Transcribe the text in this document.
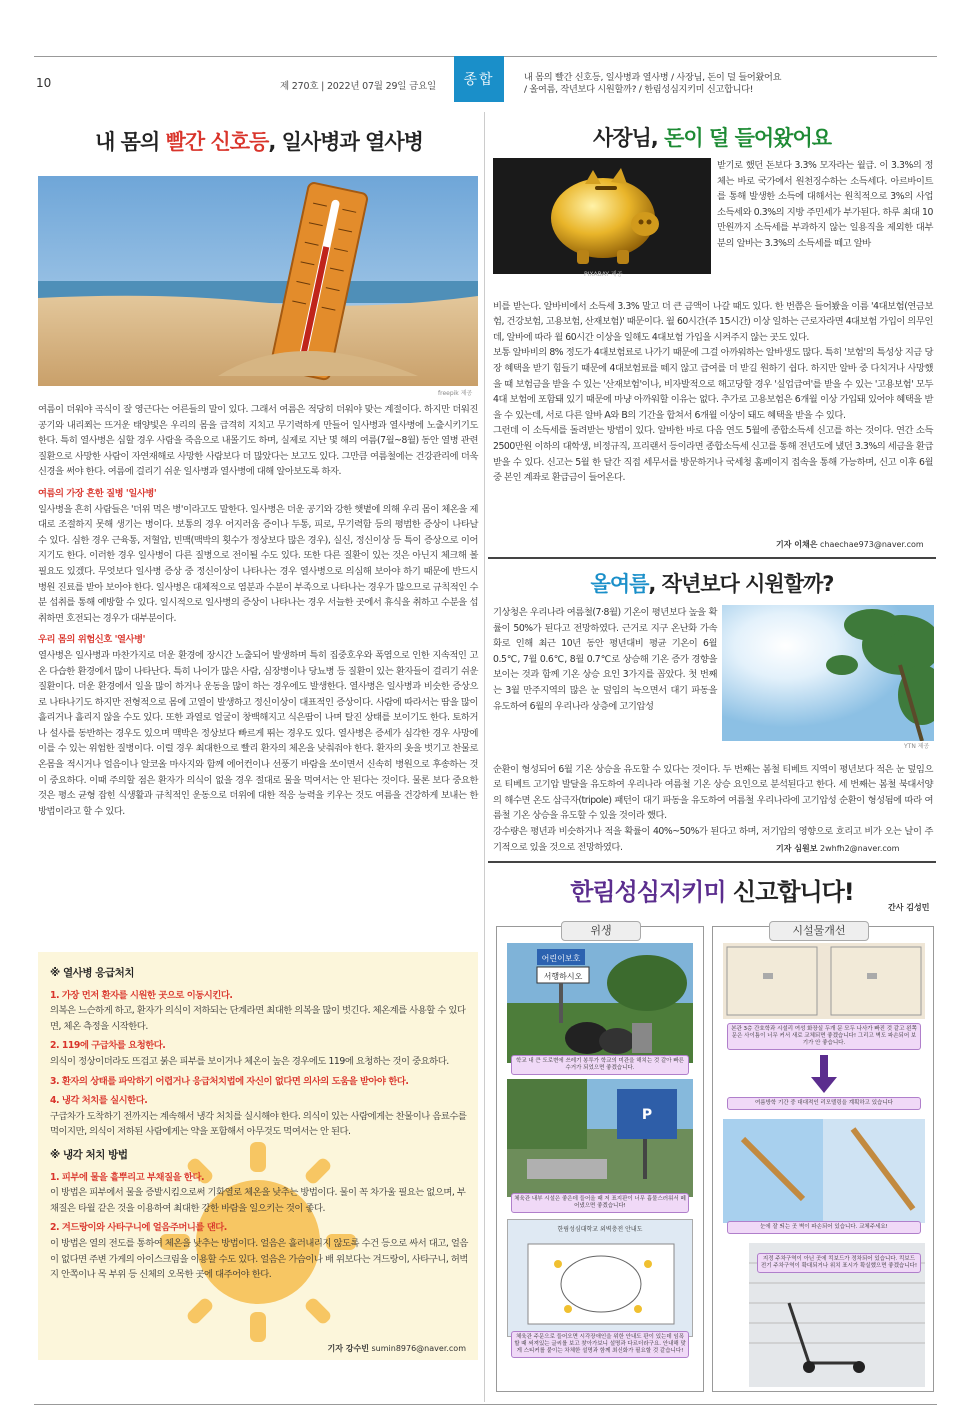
10	제 270호 | 2022년 07월 29일 금요일	종합	내 몸의 빨간 신호등, 일사병과 열사병 / 사장님, 돈이 덜 들어왔어요
/ 올여름, 작년보다 시원할까? / 한림성심지키미 신고합니다!
내 몸의 빨간 신호등, 일사병과 열사병
freepik 제공

여름이 더워야 곡식이 잘 영근다는 어른들의 말이 있다. 그래서 여름은 적당히 더워야 맞는 계절이다. 하지만 더워진 공기와 내리쬐는 뜨거운 태양빛은 우리의 몸을 급격히 지치고 무기력하게 만들어 일사병과 열사병에 노출시키기도 한다. 특히 열사병은 심할 경우 사람을 죽음으로 내몰기도 하며, 실제로 지난 몇 해의 여름(7월~8월) 동안 열병 관련 질환으로 사망한 사람이 자연재해로 사망한 사람보다 더 많았다는 보고도 있다. 그만큼 여름철에는 건강관리에 더욱 신경을 써야 한다. 여름에 걸리기 쉬운 일사병과 열사병에 대해 알아보도록 하자.

여름의 가장 흔한 질병 '일사병'

일사병을 흔히 사람들은 '더위 먹은 병'이라고도 말한다. 일사병은 더운 공기와 강한 햇볕에 의해 우리 몸이 체온을 제대로 조절하지 못해 생기는 병이다. 보통의 경우 어지러움 증이나 두통, 피로, 무기력함 등의 평범한 증상이 나타날 수 있다. 심한 경우 근육통, 저혈압, 빈맥(맥박의 횟수가 정상보다 많은 경우), 실신, 정신이상 등 특이 증상으로 이어지기도 한다. 이러한 경우 일사병이 다른 질병으로 전이될 수도 있다. 또한 다른 질환이 있는 것은 아닌지 체크해 볼 필요도 있겠다. 무엇보다 일사병 증상 중 정신이상이 나타나는 경우 열사병으로 의심해 보아야 하기 때문에 반드시 병원 진료를 받아 보아야 한다. 일사병은 대체적으로 염분과 수분이 부족으로 나타나는 경우가 많으므로 규칙적인 수분 섭취를 통해 예방할 수 있다. 일시적으로 일사병의 증상이 나타나는 경우 서늘한 곳에서 휴식을 취하고 수분을 섭취하면 호전되는 경우가 대부분이다.

우리 몸의 위험신호 '열사병'

열사병은 일사병과 마찬가지로 더운 환경에 장시간 노출되어 발생하며 특히 집중호우와 폭염으로 인한 지속적인 고온 다습한 환경에서 많이 나타난다. 특히 나이가 많은 사람, 심장병이나 당뇨병 등 질환이 있는 환자들이 걸리기 쉬운 질환이다. 더운 환경에서 일을 많이 하거나 운동을 많이 하는 경우에도 발생한다. 열사병은 일사병과 비슷한 증상으로 나타나기도 하지만 전형적으로 몸에 고열이 발생하고 정신이상이 대표적인 증상이다. 사람에 따라서는 땀을 많이 흘리거나 흘리지 않을 수도 있다. 또한 과열로 얼굴이 창백해지고 식은땀이 나며 탈진 상태를 보이기도 한다. 토하거나 설사를 동반하는 경우도 있으며 맥박은 정상보다 빠르게 뛰는 경우도 있다. 열사병은 증세가 심각한 경우 사망에 이를 수 있는 위험한 질병이다. 이럴 경우 최대한으로 빨리 환자의 체온을 낮춰줘야 한다. 환자의 옷을 벗기고 찬물로 온몸을 적시거나 얼음이나 알코올 마사지와 함께 에어컨이나 선풍기 바람을 쏘이면서 신속히 병원으로 후송하는 것이 중요하다. 이때 주의할 점은 환자가 의식이 없을 경우 절대로 물을 먹여서는 안 된다는 것이다. 물론 보다 중요한 것은 평소 균형 잡힌 식생활과 규칙적인 운동으로 더위에 대한 적응 능력을 키우는 것도 여름을 건강하게 보내는 한 방법이라고 할 수 있다.

※ 열사병 응급처치
1. 가장 먼저 환자를 시원한 곳으로 이동시킨다.
의복은 느슨하게 하고, 환자가 의식이 저하되는 단계라면 최대한 의복을 많이 벗긴다. 체온계를 사용할 수 있다면, 체온 측정을 시작한다.
2. 119에 구급차를 요청한다.
의식이 정상이더라도 뜨겁고 붉은 피부를 보이거나 체온이 높은 경우에도 119에 요청하는 것이 중요하다.
3. 환자의 상태를 파악하기 어렵거나 응급처치법에 자신이 없다면 의사의 도움을 받아야 한다.
4. 냉각 처치를 실시한다.
구급차가 도착하기 전까지는 계속해서 냉각 처치를 실시해야 한다. 의식이 있는 사람에게는 찬물이나 음료수를 먹이지만, 의식이 저하된 사람에게는 약을 포함해서 아무것도 먹여서는 안 된다.
※ 냉각 처치 방법
1. 피부에 물을 흩뿌리고 부채질을 한다.
이 방법은 피부에서 물을 증발시킴으로써 기화열로 체온을 낮추는 방법이다. 물이 꼭 차가울 필요는 없으며, 부채질은 타월 같은 것을 이용하여 최대한 강한 바람을 일으키는 것이 좋다.
2. 겨드랑이와 사타구니에 얼음주머니를 댄다.
이 방법은 열의 전도를 통하여 체온을 낮추는 방법이다. 얼음은 흘러내리지 않도록 수건 등으로 싸서 대고, 얼음이 없다면 주변 가게의 아이스크림을 이용할 수도 있다. 얼음은 가슴이나 배 위보다는 겨드랑이, 사타구니, 허벅지 안쪽이나 목 부위 등 신체의 오목한 곳에 대주어야 한다.
기자 강수빈 sumin8976@naver.com
사장님, 돈이 덜 들어왔어요
PIXABAY 제공

받기로 했던 돈보다 3.3% 모자라는 월급. 이 3.3%의 정체는 바로 국가에서 원천징수하는 소득세다. 아르바이트를 통해 발생한 소득에 대해서는 원칙적으로 3%의 사업 소득세와 0.3%의 지방 주민세가 부가된다. 하루 최대 10만원까지 소득세를 부과하지 않는 일용직을 제외한 대부분의 알바는 3.3%의 소득세를 떼고 알바

비를 받는다. 알바비에서 소득세 3.3% 말고 더 큰 금액이 나갈 때도 있다. 한 번쯤은 들어봤을 이름 '4대보험(연금보험, 건강보험, 고용보험, 산재보험)' 때문이다. 월 60시간(주 15시간) 이상 일하는 근로자라면 4대보험 가입이 의무인데, 알바에 따라 월 60시간 이상을 일해도 4대보험 가입을 시켜주지 않는 곳도 있다.
보통 알바비의 8% 정도가 4대보험료로 나가기 때문에 그걸 아까워하는 알바생도 많다. 특히 '보험'의 특성상 지금 당장 혜택을 받기 힘들기 때문에 4대보험료를 떼지 않고 급여를 더 받길 원하기 쉽다. 하지만 알바 중 다치거나 사망했을 때 보험금을 받을 수 있는 '산재보험'이나, 비자발적으로 해고당할 경우 '실업급여'를 받을 수 있는 '고용보험' 모두 4대 보험에 포함돼 있기 때문에 마냥 아까워할 이유는 없다. 추가로 고용보험은 6개월 이상 가입돼 있어야 혜택을 받을 수 있는데, 서로 다른 알바 A와 B의 기간을 합쳐서 6개월 이상이 돼도 혜택을 받을 수 있다.
그런데 이 소득세를 돌려받는 방법이 있다. 알바한 바로 다음 연도 5월에 종합소득세 신고를 하는 것이다. 연간 소득 2500만원 이하의 대학생, 비정규직, 프리랜서 등이라면 종합소득세 신고를 통해 전년도에 냈던 3.3%의 세금을 환급받을 수 있다. 신고는 5월 한 달간 직접 세무서를 방문하거나 국세청 홈페이지 접속을 통해 가능하며, 신고 이후 6월 중 본인 계좌로 환급금이 들어온다.

기자 이채은 chaechae973@naver.com
올여름, 작년보다 시원할까?
YTN 제공

기상청은 우리나라 여름철(7·8월) 기온이 평년보다 높을 확률이 50%가 된다고 전망하였다. 근거로 지구 온난화 가속화로 인해 최근 10년 동안 평년대비 평균 기온이 6월 0.5℃, 7월 0.6℃, 8월 0.7℃로 상승해 기온 증가 경향을 보이는 것과 함께 기온 상승 요인 3가지를 꼽았다. 첫 번째는 3월 만주지역의 많은 눈 덮임의 녹으면서 대기 파동을 유도하여 6월의 우리나라 상층에 고기압성

순환이 형성되어 6월 기온 상승을 유도할 수 있다는 것이다. 두 번째는 봄철 티베트 지역이 평년보다 적은 눈 덮임으로 티베트 고기압 발달을 유도하여 우리나라 여름철 기온 상승 요인으로 분석된다고 한다. 세 번째는 봄철 북대서양의 해수면 온도 삼극자(tripole) 패턴이 대기 파동을 유도하여 여름철 우리나라에 고기압성 순환이 형성됨에 따라 여름철 기온 상승을 유도할 수 있을 것이라 했다.
강수량은 평년과 비슷하거나 적을 확률이 40%~50%가 된다고 하며, 저기압의 영향으로 흐리고 비가 오는 날이 주기적으로 있을 것으로 전망하였다.	기자 심원보 2whfh2@naver.com
한림성심지키미 신고합니다!
간사 김성민
위생
어린이보호
서행하시오
학교 내 큰 도로변에 쓰레기 봉투가 학교의 미관을 해치는 것 같아 빠른 수거가 되었으면 좋겠습니다.
P
체육관 내부 시설은 좋은데 들어올 때 저 표지판이 너무 흉물스러워서 떼어냈으면 좋겠습니다!
한림성심대학교 외벽충전 안내도
체육관 주문으로 들어오면 시각장애인을 위한 안내도 판이 있는데 임폭할 때 써져있는 글씨를 보고 찾아가보니 설명과 다르더라구요. 안내해 맞게 스티커를 붙이는 차체한 설명과 함께 최신화가 필요할 것 같습니다!
시설물개선
본관 3층 간호학과 시설리 여성 화장실 두개 문 모두 나사가 빠진 것 같고 왼쪽 문은 사이틈이 너무 커서 새로 교체되면 좋겠습니다! 그리고 벽도 파손되어 보기가 안 좋습니다.
여름방학 기간 중 대대적인 리모델링을 계획하고 있습니다
눈에 잘 띄는 곳 벽이 파손되어 있습니다. 교체주세요!
지정 주차구역이 아닌 곳에 킥보드가 정차되어 있습니다. 킥보드 전기 주차구역이 확대되거나 위치 표시가 확실했으면 좋겠습니다!
